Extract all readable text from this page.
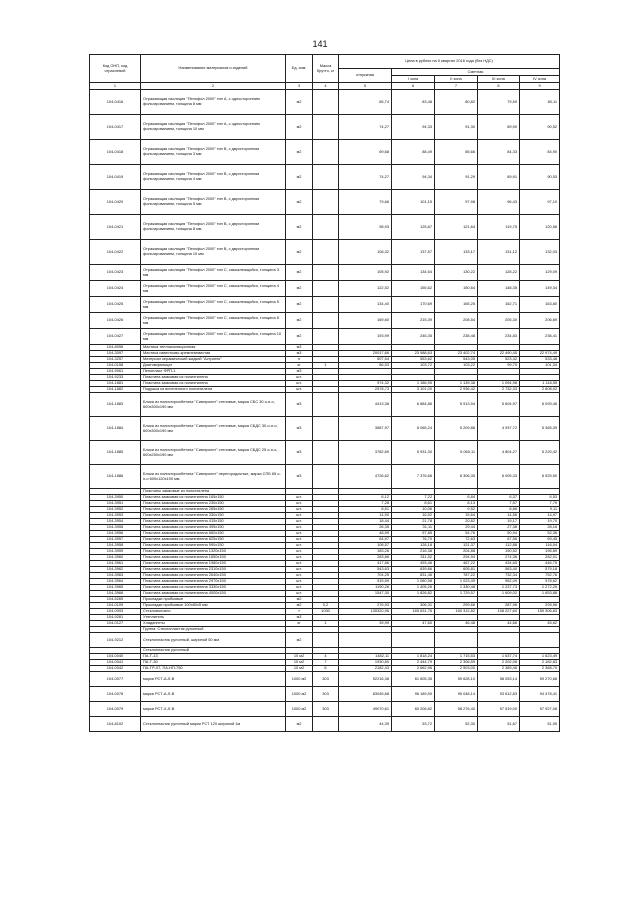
141
Код ОНП, код отраслевой	Наименование материалов и изделий	Ед. изм.	Масса брутто, кг	Цена в рублях на II квартал 2016 года (без НДС)				
				отпускная	Сметная			
					I зона	II зона	III зона	IV зона
1	2	3	4	5	6	7	8	9
104-0416	Отражающая изоляция "Пенофол 2000" тип А, с односторонним фольгированием, толщина 8 мм	м2		65,74	83,48	80,82	79,59	80,11
104-0417	Отражающая изоляция "Пенофол 2000" тип А, с односторонним фольгированием, толщина 10 мм	м2		74,27	94,33	91,30	89,90	90,52
104-0418	Отражающая изоляция "Пенофол 2000" тип В, с двухсторонним фольгированием, толщина 3 мм	м2		69,68	88,49	85,66	84,33	84,90
104-0419	Отражающая изоляция "Пенофол 2000" тип В, с двухсторонним фольгированием, толщина 4 мм	м2		74,27	94,34	91,29	89,91	90,53
104-0420	Отражающая изоляция "Пенофол 2000" тип В, с двухсторонним фольгированием, толщина 5 мм	м2		79,66	101,15	97,98	96,43	97,10
104-0421	Отражающая изоляция "Пенофол 2000" тип В, с двухсторонним фольгированием, толщина 8 мм	м2		98,93	125,67	121,64	119,75	120,58
104-0422	Отражающая изоляция "Пенофол 2000" тип В, с двухсторонним фольгированием, толщина 10 мм	м2		108,32	137,57	133,17	131,12	132,03
104-0423	Отражающая изоляция "Пенофол 2000" тип С, самоклеящийся, толщина 3 мм	м2		105,92	134,54	130,22	128,22	129,09
104-0424	Отражающая изоляция "Пенофол 2000" тип С, самоклеящийся, толщина 4 мм	м2		122,52	155,62	150,64	148,35	149,34
104-0425	Отражающая изоляция "Пенофол 2000" тип С, самоклеящийся, толщина 5 мм	м2		134,40	170,69	165,25	162,71	163,80
104-0426	Отражающая изоляция "Пенофол 2000" тип С, самоклеящийся, толщина 8 мм	м2		169,60	215,39	208,54	205,30	206,69
104-0427	Отражающая изоляция "Пенофол 2000" тип С, самоклеящийся, толщина 10 мм	м2		193,99	246,35	238,48	234,83	236,41
104-8096	Мастика теплоизоляционная	м3						
104-3097	Мастика известково-кремнеземистая	м3		20017,66	23 988,63	23 402,74	22 490,45	22 974,49
104-3257	Материал керамический жидкий "Астратек"	л		507,54	553,62	543,05	523,32	533,48
104-0158	Диатомфальцат	кг	1	86,53	103,72	103,22	99,70	101,34
104-9061	Пенопласт ФРП-1	м3						
104-9233	Пластина замковая из полиэтилена	шт.						
104-1881	Пластина замковая из полиэтилена	шт.		974,32	1 186,95	1 139,38	1 094,98	1 118,55
104-1882	Подушка из вспененного полиэтилена	шт.		2578,73	3 101,00	2 936,42	2 732,33	2 808,02
104-1883	Блоки из полистиролбетона "Симпролит" стеновые, марка СБС 30 о-п-о, 600х300х190 мм	м3		4413,38	6 884,86	5 913,94	5 604,97	6 093,46
104-1884	Блоки из полистиролбетона "Симпролит" стеновые, марка СБДС 30-о-п-о, 600х300х190 мм	м3		3587,97	6 065,24	5 209,88	4 937,72	5 365,39
104-1885	Блоки из полистиролбетона "Симпролит" стеновые, марка СБДС 25 о-п-о, 600х250х190 мм	м3		3782,69	5 931,30	5 060,11	4 804,27	5 220,42
104-1886	Блоки из полистиролбетона "Симпролит" перегородочные, марка СПБ 65 о-п-о 600х120х190 мм	м3		4726,62	7 376,68	6 306,35	6 005,33	6 525,50
	Пластины замковые из полиэтилена							
104-3950	Пластина замковая из полиэтилена 165х150	шт.		6,12	7,22	6,84	6,37	6,53
104-3951	Пластина замковая из полиэтилена 230х150	шт.		7,28	8,61	8,13	7,57	7,79
104-3952	Пластина замковая из полиэтилена 265х150	шт.		8,51	10,06	9,52	8,86	9,11
104-3953	Пластина замковая из полиэтилена 330х150	шт.		14,90	16,52	15,64	14,56	14,97
104-3954	Пластина замковая из полиэтилена 415х150	шт.		18,44	21,78	20,62	19,17	19,70
104-3955	Пластина замковая из полиэтилена 495х150	шт.		26,35	31,11	29,44	27,38	28,16
104-3956	Пластина замковая из полиэтилена 660х150	шт.		48,99	57,85	54,76	50,94	52,36
104-3957	Пластина замковая из полиэтилена 825х150	шт.		64,97	76,70	72,63	67,56	69,45
104-3958	Пластина замковая из полиэтилена 990х150	шт.		108,57	128,18	121,37	112,88	116,04
104-3959	Пластина замковая из полиэтилена 1320х150	шт.		183,26	216,38	204,88	190,52	195,89
104-3960	Пластина замковая из полиэтилена 1650х150	шт.		263,86	311,52	294,94	274,36	282,01
104-3961	Пластина замковая из полиэтилена 1980х150	шт.		417,86	493,46	467,22	434,65	446,75
104-3962	Пластина замковая из полиэтилена 2310х150	шт.		543,63	639,66	605,81	563,40	579,18
104-3963	Пластина замковая из полиэтилена 2640х150	шт.		704,25	831,46	787,22	732,34	752,76
104-3964	Пластина замковая из полиэтилена 2970х150	шт.		915,59	1 080,98	1 023,49	952,09	978,62
104-3965	Пластина замковая из полиэтилена 3330х150	шт.		1190,26	1 405,26	1 330,48	1 237,73	1 272,25
104-3966	Пластина замковая из полиэтилена 4000х150	шт.		1547,30	1 826,82	1 729,57	1 609,02	1 653,88
104-5269	Прокладки пробковые	м2						
104-0109	Прокладки пробковые 100х80х5 мм	м2	0,2	276,93	306,31	299,66	287,96	293,96
104-0093	Стекловолокно	т	1030	135320,96	165 631,76	160 312,82	158 227,60	159 306,83
104-9281	Утеплитель	м3						
104-0127	Хладагенты	кг	1	39,99	47,60	46,48	44,66	45,62
	Группа: Стеклопластик рулонный							
104-9212	Стеклопластик рулонный, шириной 50 мм	м2						
	Стеклопластик рулонный							
104-0040	ПА-Т-13	10 м2	4	1482,11	1 818,24	1 715,53	1 637,74	1 623,49
104-0041	ПА-Т-30	10 м2	7	1930,80	2 444,79	2 306,59	2 202,06	2 182,83
104-0042	ПА-ТР-07, ПА-НП-750	10 м2	6	2182,43	2 662,96	2 503,00	2 389,46	2 368,70
104-0077	марки РСТ-А-Л-В	1000 м2	303	52216,38	61 605,35	59 628,10	58 053,14	59 270,68
104-0078	марки РСТ-А-Л-В	1000 м2	303	83045,68	96 189,90	95 048,14	93 612,83	94 478,41
104-0079	марки РСТ-Х-Л-В	1000 м2	303	49070,61	60 206,82	58 276,40	57 519,00	57 927,08
104-8102	Стеклопластик рулонный марки РСТ 120 шириной 1м	м2		44,39	53,72	52,30	51,67	51,95
